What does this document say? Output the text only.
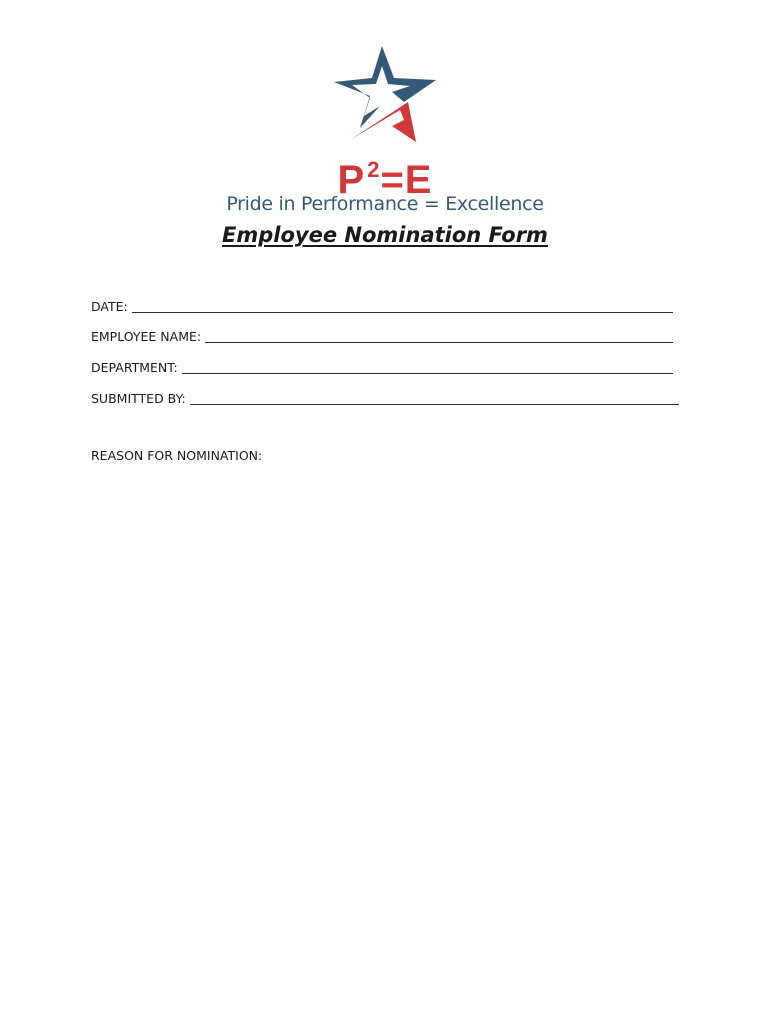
$P^2=E$
Pride in Performance = Excellence
Employee Nomination Form
DATE:
EMPLOYEE NAME:
DEPARTMENT:
SUBMITTED BY:
REASON FOR NOMINATION:
